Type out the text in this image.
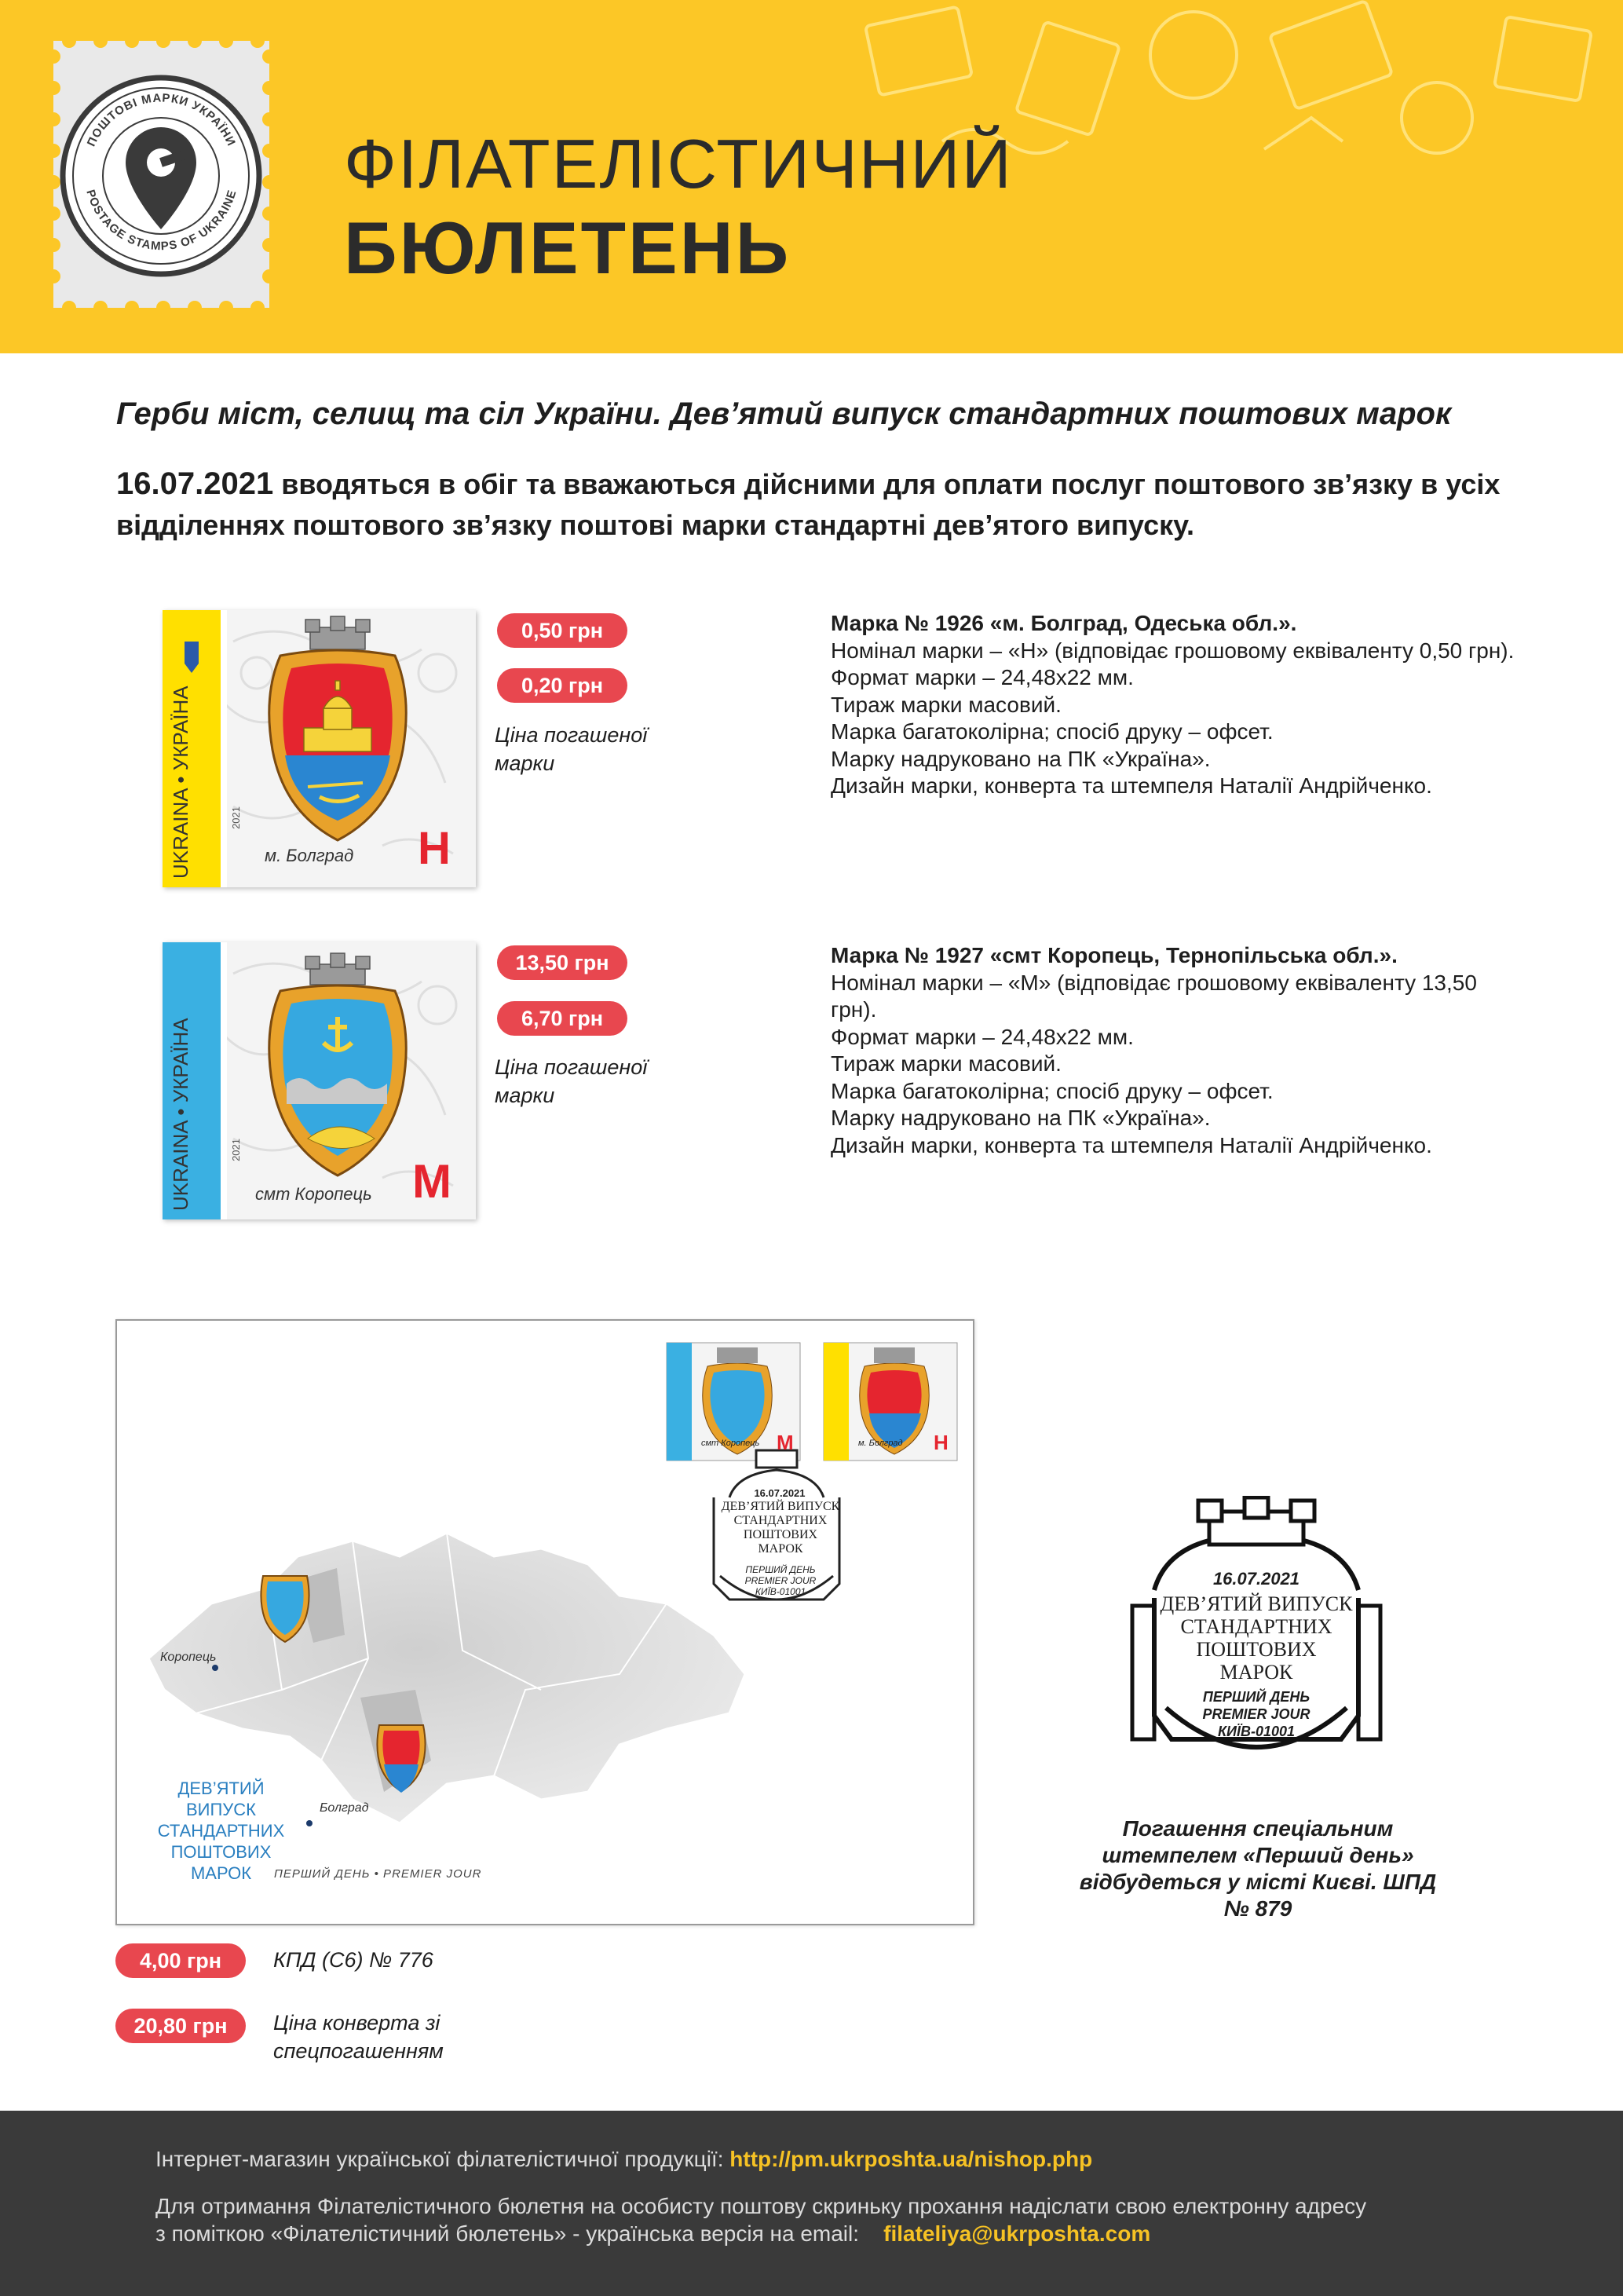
ПОШТОВІ МАРКИ УКРАЇНИ
POSTAGE STAMPS OF UKRAINE ФІЛАТЕЛІСТИЧНИЙ
БЮЛЕТЕНЬ
Герби міст, селищ та сіл України. Дев’ятий випуск стандартних поштових марок
16.07.2021 вводяться в обіг та вважаються дійсними для оплати послуг поштового зв’язку в усіх відділеннях поштового зв’язку поштові марки стандартні дев’ятого випуску.
UKRAINA • УКРАЇНА	2021
м. Болград Н
0,50 грн
0,20 грн
Ціна погашеної марки
Марка № 1926 «м. Болград, Одеська обл.».
Номінал марки – «Н» (відповідає грошовому еквіваленту 0,50 грн).
Формат марки – 24,48х22 мм.
Тираж марки масовий.
Марка багатоколірна; спосіб друку – офсет.
Марку надруковано на ПК «Україна».
Дизайн марки, конверта та штемпеля Наталії Андрійченко.
UKRAINA • УКРАЇНА	2021
смт Коропець М
13,50 грн
6,70 грн
Ціна погашеної марки
Марка № 1927 «смт Коропець, Тернопільська обл.».
Номінал марки – «М» (відповідає грошовому еквіваленту 13,50 грн).
Формат марки – 24,48х22 мм.
Тираж марки масовий.
Марка багатоколірна; спосіб друку – офсет.
Марку надруковано на ПК «Україна».
Дизайн марки, конверта та штемпеля Наталії Андрійченко.
16.07.2021
ДЕВ’ЯТИЙ ВИПУСК
СТАНДАРТНИХ
ПОШТОВИХ
МАРОК
ПЕРШИЙ ДЕНЬ
PREMIER JOUR
КИЇВ-01001
смт Коропець М	м. Болград Н
Коропець
Болград
ДЕВ’ЯТИЙ
ВИПУСК
СТАНДАРТНИХ
ПОШТОВИХ
МАРОК	ПЕРШИЙ ДЕНЬ • PREMIER JOUR
4,00 грн	КПД (С6) № 776
20,80 грн	Ціна конверта зі спецпогашенням
16.07.2021
ДЕВ’ЯТИЙ ВИПУСК
СТАНДАРТНИХ
ПОШТОВИХ
МАРОК
ПЕРШИЙ ДЕНЬ
PREMIER JOUR
КИЇВ-01001
Погашення спеціальним штемпелем «Перший день» відбудеться у місті Києві. ШПД № 879
Інтернет-магазин української філателістичної продукції: http://pm.ukrposhta.ua/nishop.php
Для отримання Філателістичного бюлетня на особисту поштову скриньку прохання надіслати свою електронну адресу
з поміткою «Філателістичний бюлетень» - українська версія на email:    filateliya@ukrposhta.com
